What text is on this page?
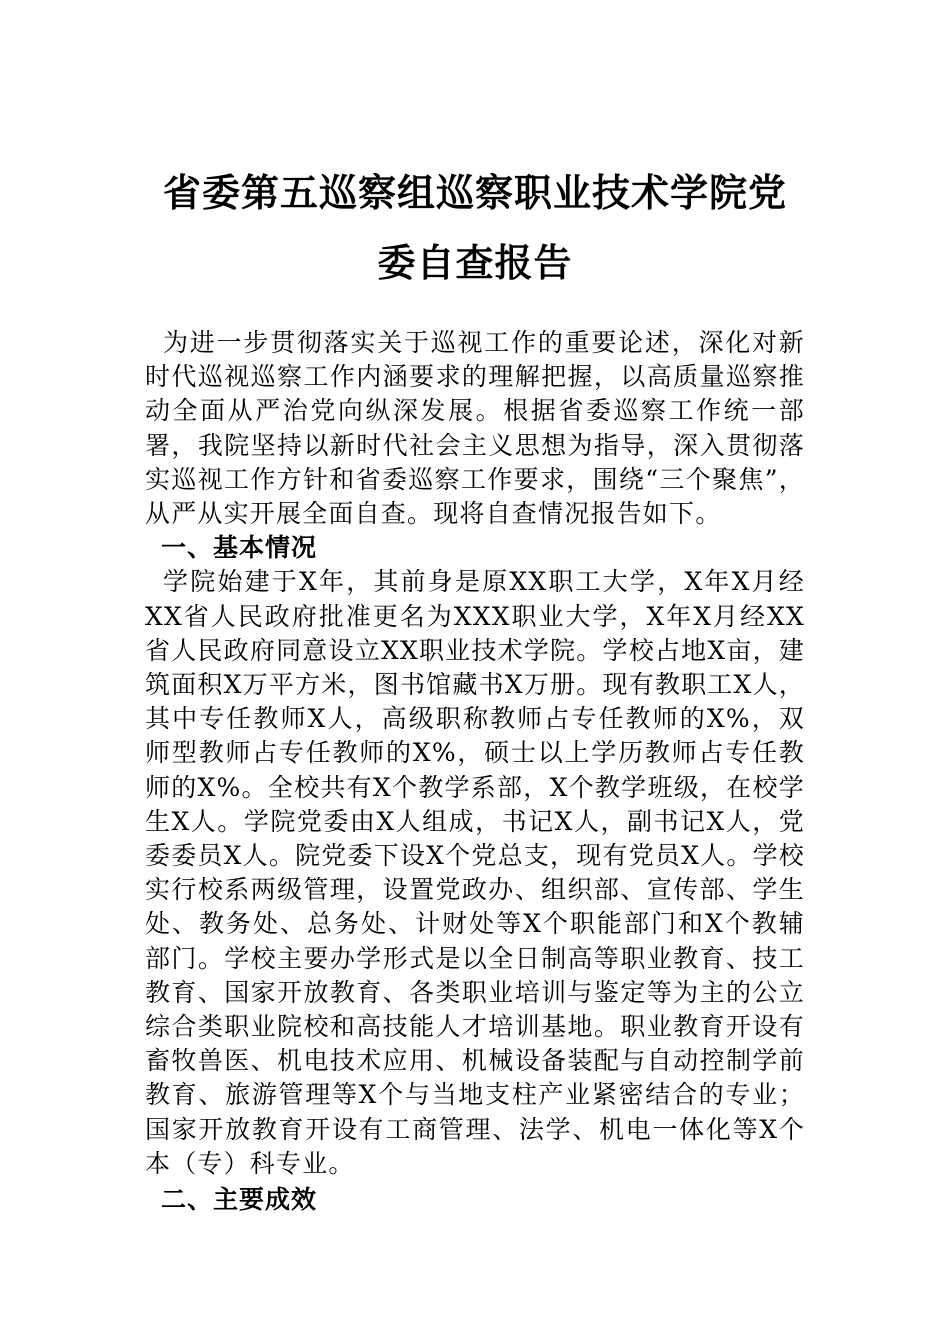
省委第五巡察组巡察职业技术学院党委自查报告

为进一步贯彻落实关于巡视工作的重要论述，深化对新时代巡视巡察工作内涵要求的理解把握，以高质量巡察推动全面从严治党向纵深发展。根据省委巡察工作统一部署，我院坚持以新时代社会主义思想为指导，深入贯彻落实巡视工作方针和省委巡察工作要求，围绕“三个聚焦”，从严从实开展全面自查。现将自查情况报告如下。

一、基本情况

学院始建于X年，其前身是原XX职工大学，X年X月经XX省人民政府批准更名为XXX职业大学，X年X月经XX省人民政府同意设立XX职业技术学院。学校占地X亩，建筑面积X万平方米，图书馆藏书X万册。现有教职工X人，其中专任教师X人，高级职称教师占专任教师的X%，双师型教师占专任教师的X%，硕士以上学历教师占专任教师的X%。全校共有X个教学系部，X个教学班级，在校学生X人。学院党委由X人组成，书记X人，副书记X人，党委委员X人。院党委下设X个党总支，现有党员X人。学校实行校系两级管理，设置党政办、组织部、宣传部、学生处、教务处、总务处、计财处等X个职能部门和X个教辅部门。学校主要办学形式是以全日制高等职业教育、技工教育、国家开放教育、各类职业培训与鉴定等为主的公立综合类职业院校和高技能人才培训基地。职业教育开设有畜牧兽医、机电技术应用、机械设备装配与自动控制学前教育、旅游管理等X个与当地支柱产业紧密结合的专业；国家开放教育开设有工商管理、法学、机电一体化等X个本（专）科专业。

二、主要成效
